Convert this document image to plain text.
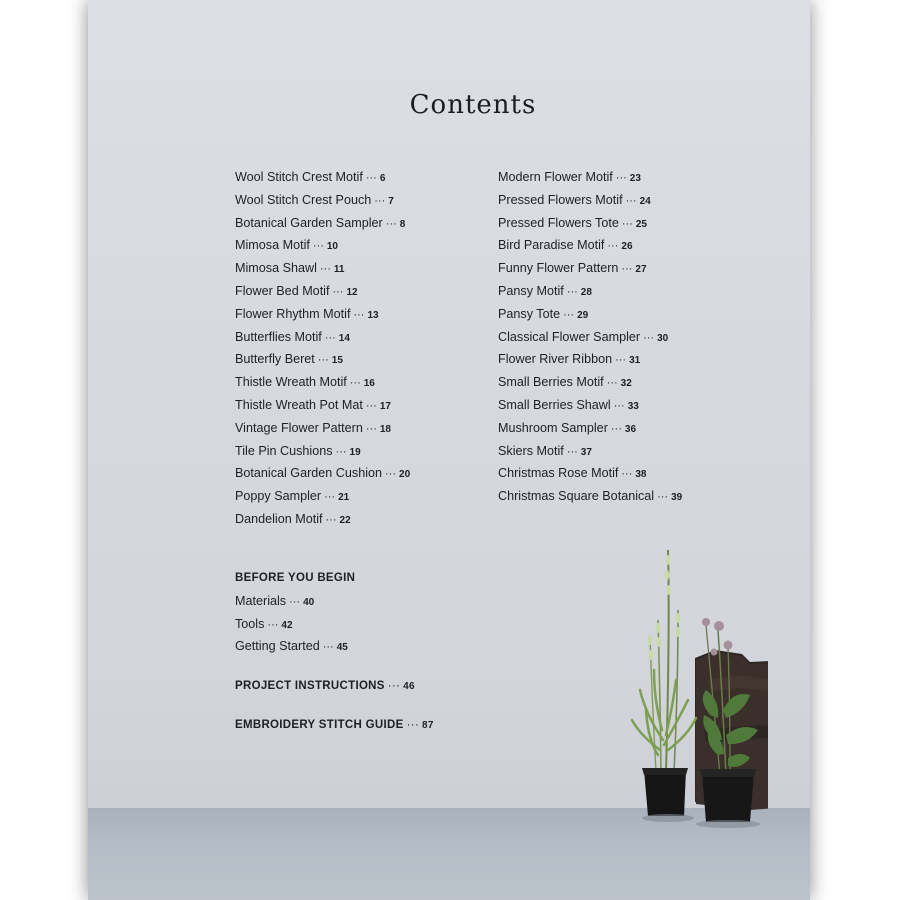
Contents
Wool Stitch Crest Motif ··· 6
Wool Stitch Crest Pouch ··· 7
Botanical Garden Sampler ··· 8
Mimosa Motif ··· 10
Mimosa Shawl ··· 11
Flower Bed Motif ··· 12
Flower Rhythm Motif ··· 13
Butterflies Motif ··· 14
Butterfly Beret ··· 15
Thistle Wreath Motif ··· 16
Thistle Wreath Pot Mat ··· 17
Vintage Flower Pattern ··· 18
Tile Pin Cushions ··· 19
Botanical Garden Cushion ··· 20
Poppy Sampler ··· 21
Dandelion Motif ··· 22
Modern Flower Motif ··· 23
Pressed Flowers Motif ··· 24
Pressed Flowers Tote ··· 25
Bird Paradise Motif ··· 26
Funny Flower Pattern ··· 27
Pansy Motif ··· 28
Pansy Tote ··· 29
Classical Flower Sampler ··· 30
Flower River Ribbon ··· 31
Small Berries Motif ··· 32
Small Berries Shawl ··· 33
Mushroom Sampler ··· 36
Skiers Motif ··· 37
Christmas Rose Motif ··· 38
Christmas Square Botanical ··· 39
BEFORE YOU BEGIN
Materials ··· 40
Tools ··· 42
Getting Started ··· 45
PROJECT INSTRUCTIONS ··· 46
EMBROIDERY STITCH GUIDE ··· 87
